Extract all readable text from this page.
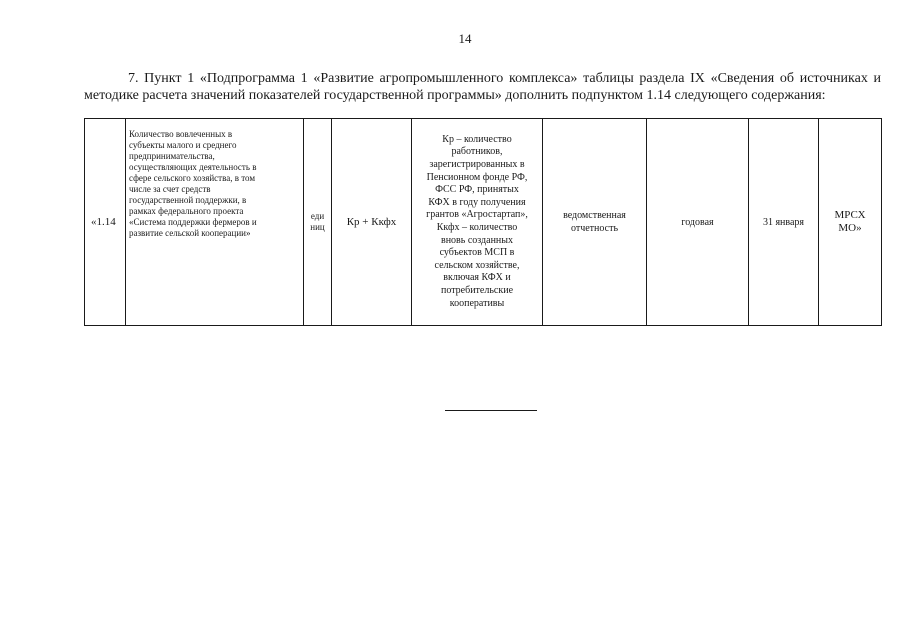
14

7. Пункт 1 «Подпрограмма 1 «Развитие агропромышленного комплекса» таблицы раздела IX «Сведения об источниках и методике расчета значений показателей государственной программы» дополнить подпунктом 1.14 следующего содержания:

«1.14	Количество вовлеченных в
субъекты малого и среднего
предпринимательства,
осуществляющих деятельность в
сфере сельского хозяйства, в том
числе за счет средств
государственной поддержки, в
рамках федерального проекта
«Система поддержки фермеров и
развитие сельской кооперации»	еди
ниц	Кр + Ккфх	Кр – количество
работников,
зарегистрированных в
Пенсионном фонде РФ,
ФСС РФ, принятых
КФХ в году получения
грантов «Агростартап»,
Ккфх – количество
вновь созданных
субъектов МСП в
сельском хозяйстве,
включая КФХ и
потребительские
кооперативы	ведомственная
отчетность	годовая	31 января	МРСХ
МО»
